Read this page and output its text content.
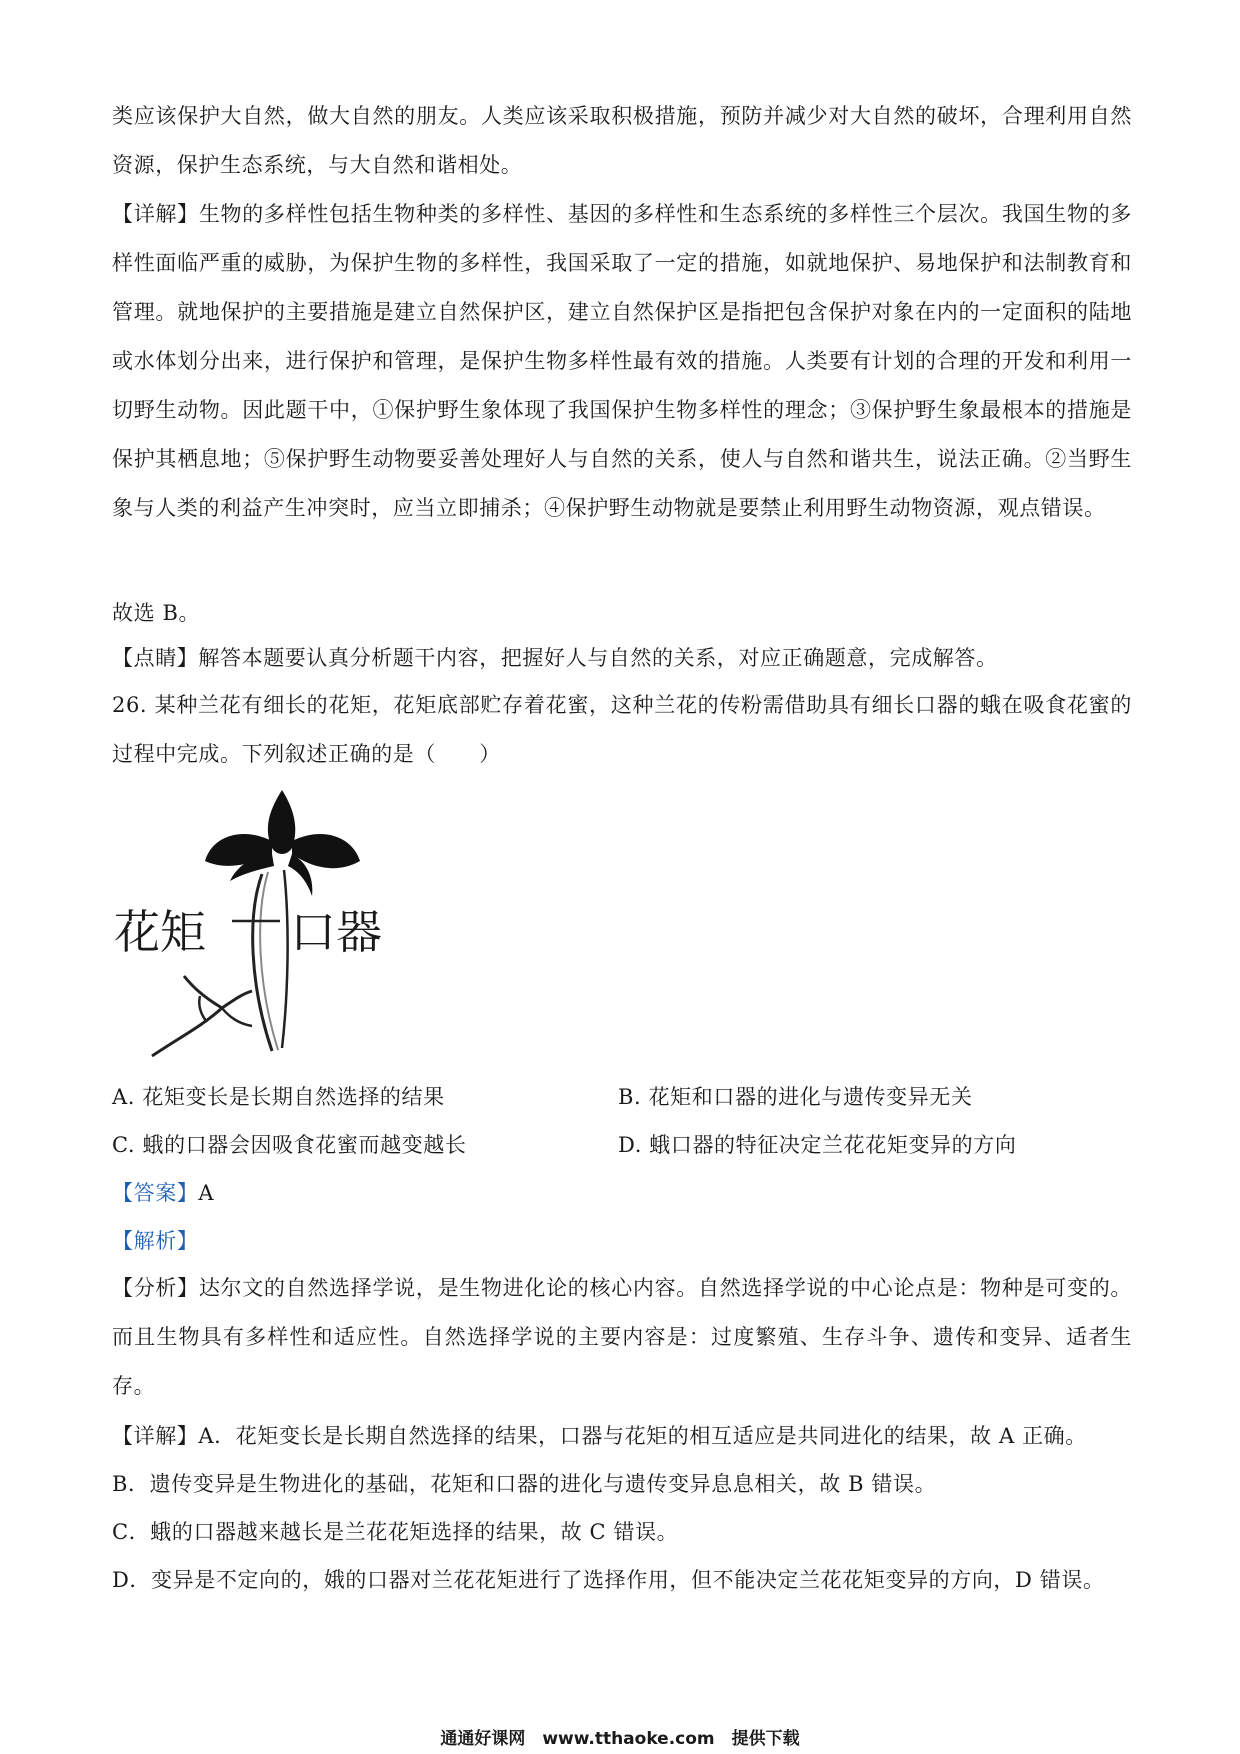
类应该保护大自然，做大自然的朋友。人类应该采取积极措施，预防并减少对大自然的破坏，合理利用自然资源，保护生态系统，与大自然和谐相处。

【详解】生物的多样性包括生物种类的多样性、基因的多样性和生态系统的多样性三个层次。我国生物的多样性面临严重的威胁，为保护生物的多样性，我国采取了一定的措施，如就地保护、易地保护和法制教育和管理。就地保护的主要措施是建立自然保护区，建立自然保护区是指把包含保护对象在内的一定面积的陆地或水体划分出来，进行保护和管理，是保护生物多样性最有效的措施。人类要有计划的合理的开发和利用一切野生动物。因此题干中，①保护野生象体现了我国保护生物多样性的理念；③保护野生象最根本的措施是保护其栖息地；⑤保护野生动物要妥善处理好人与自然的关系，使人与自然和谐共生，说法正确。②当野生象与人类的利益产生冲突时，应当立即捕杀；④保护野生动物就是要禁止利用野生动物资源，观点错误。

故选 B。
【点睛】解答本题要认真分析题干内容，把握好人与自然的关系，对应正确题意，完成解答。

26. 某种兰花有细长的花矩，花矩底部贮存着花蜜，这种兰花的传粉需借助具有细长口器的蛾在吸食花蜜的过程中完成。下列叙述正确的是（　　）

花矩 口器
A. 花矩变长是长期自然选择的结果	B. 花矩和口器的进化与遗传变异无关
C. 蛾的口器会因吸食花蜜而越变越长	D. 蛾口器的特征决定兰花花矩变异的方向
【答案】A
【解析】

【分析】达尔文的自然选择学说，是生物进化论的核心内容。自然选择学说的中心论点是：物种是可变的。而且生物具有多样性和适应性。自然选择学说的主要内容是：过度繁殖、生存斗争、遗传和变异、适者生存。

【详解】A．花矩变长是长期自然选择的结果，口器与花矩的相互适应是共同进化的结果，故 A 正确。
B．遗传变异是生物进化的基础，花矩和口器的进化与遗传变异息息相关，故 B 错误。
C．蛾的口器越来越长是兰花花矩选择的结果，故 C 错误。
D．变异是不定向的，娥的口器对兰花花矩进行了选择作用，但不能决定兰花花矩变异的方向，D 错误。
通通好课网　www.tthaoke.com　提供下载
